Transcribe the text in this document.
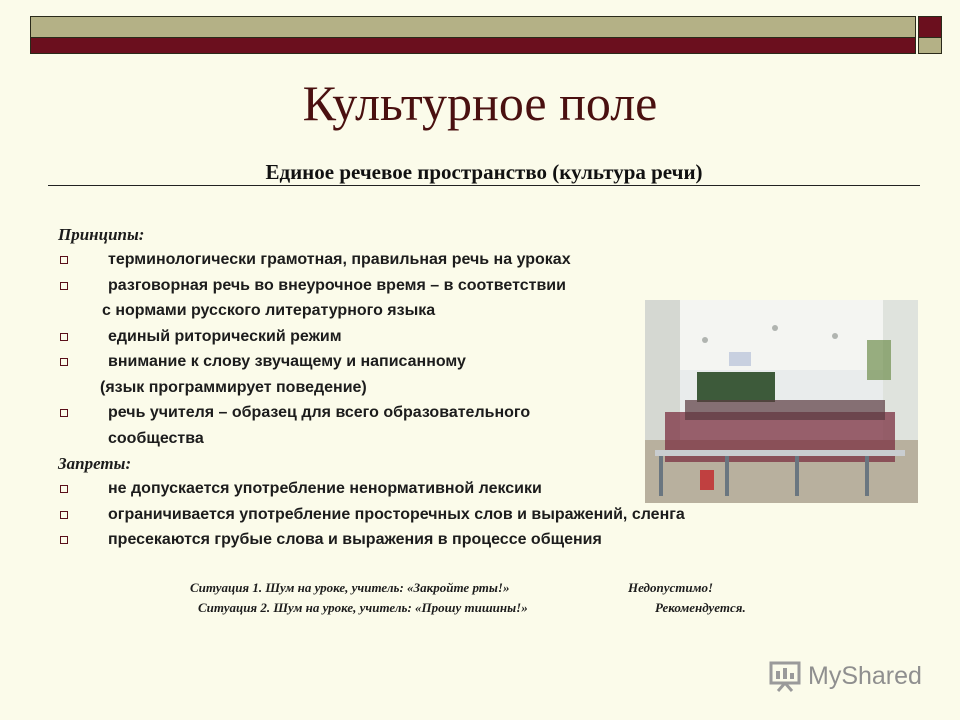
Культурное поле
Единое речевое пространство (культура речи)
Принципы:
терминологически грамотная, правильная речь на уроках
разговорная речь во внеурочное время – в соответствии
с нормами русского литературного языка
единый риторический режим
внимание к слову звучащему и написанному
(язык программирует поведение)
речь учителя – образец для всего образовательного
сообщества
Запреты:
не допускается употребление ненормативной лексики
ограничивается употребление просторечных слов и выражений, сленга
пресекаются грубые слова и выражения в процессе общения
Ситуация 1. Шум на уроке, учитель: «Закройте рты!»	Недопустимо!
Ситуация 2. Шум на уроке, учитель: «Прошу тишины!»	Рекомендуется.
MyShared
